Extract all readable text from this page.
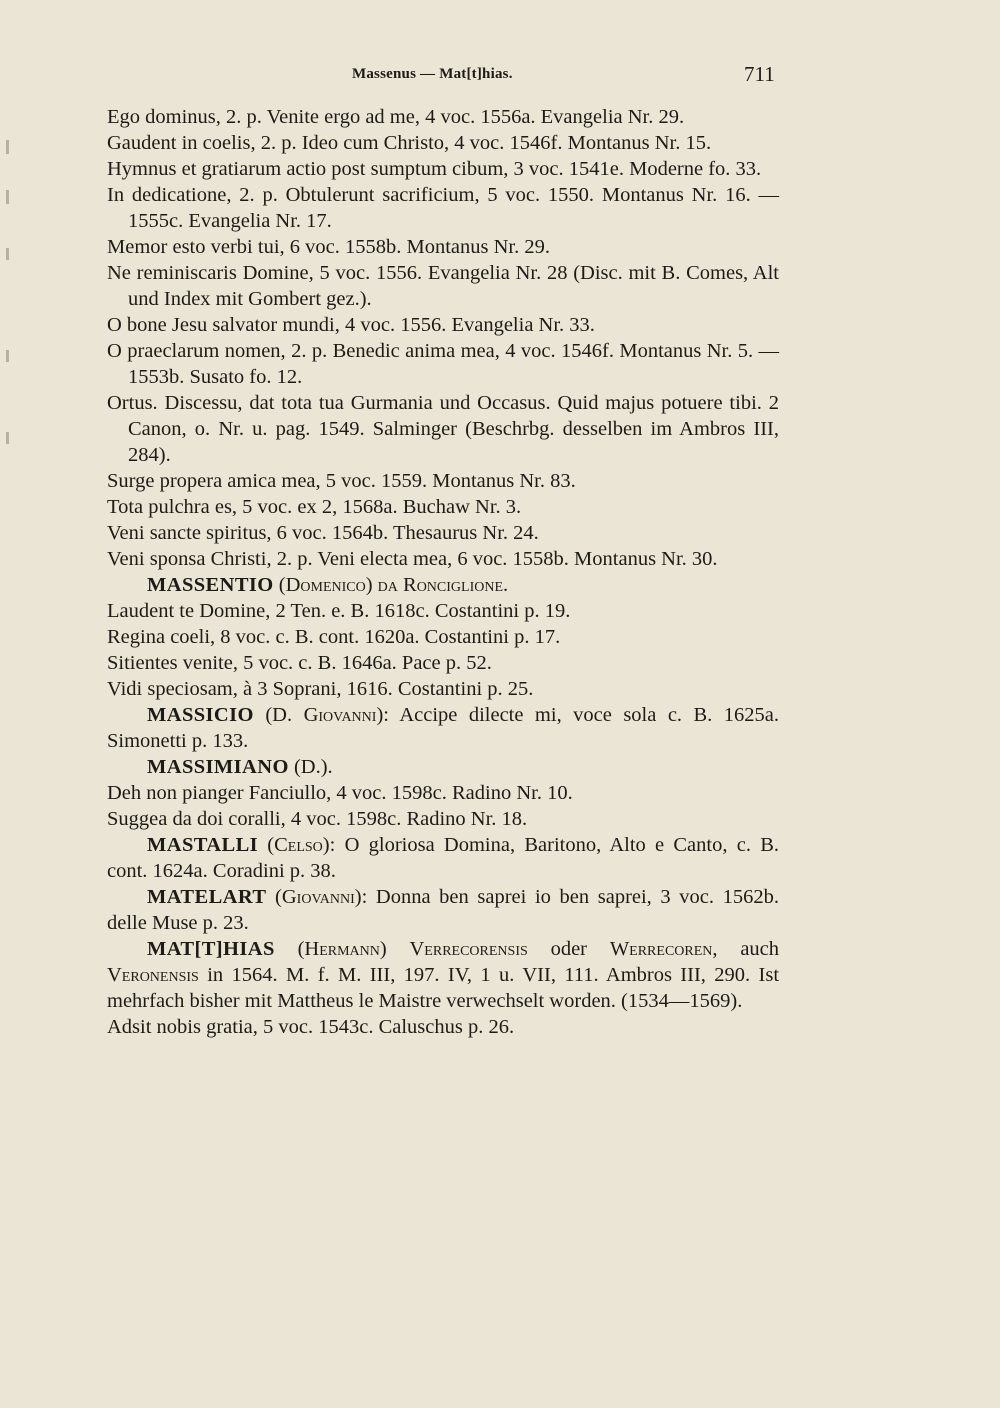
Massenus — Mat[t]hias.	711

Ego dominus, 2. p. Venite ergo ad me, 4 voc. 1556a. Evangelia Nr. 29.

Gaudent in coelis, 2. p. Ideo cum Christo, 4 voc. 1546f. Montanus Nr. 15.

Hymnus et gratiarum actio post sumptum cibum, 3 voc. 1541e. Moderne fo. 33.

In dedicatione, 2. p. Obtulerunt sacrificium, 5 voc. 1550. Montanus Nr. 16. — 1555c. Evangelia Nr. 17.

Memor esto verbi tui, 6 voc. 1558b. Montanus Nr. 29.

Ne reminiscaris Domine, 5 voc. 1556. Evangelia Nr. 28 (Disc. mit B. Comes, Alt und Index mit Gombert gez.).

O bone Jesu salvator mundi, 4 voc. 1556. Evangelia Nr. 33.

O praeclarum nomen, 2. p. Benedic anima mea, 4 voc. 1546f. Montanus Nr. 5. — 1553b. Susato fo. 12.

Ortus. Discessu, dat tota tua Gurmania und Occasus. Quid majus potuere tibi. 2 Canon, o. Nr. u. pag. 1549. Salminger (Beschrbg. desselben im Ambros III, 284).

Surge propera amica mea, 5 voc. 1559. Montanus Nr. 83.

Tota pulchra es, 5 voc. ex 2, 1568a. Buchaw Nr. 3.

Veni sancte spiritus, 6 voc. 1564b. Thesaurus Nr. 24.

Veni sponsa Christi, 2. p. Veni electa mea, 6 voc. 1558b. Montanus Nr. 30.

MASSENTIO (Domenico) da Ronciglione.

Laudent te Domine, 2 Ten. e. B. 1618c. Costantini p. 19.

Regina coeli, 8 voc. c. B. cont. 1620a. Costantini p. 17.

Sitientes venite, 5 voc. c. B. 1646a. Pace p. 52.

Vidi speciosam, à 3 Soprani, 1616. Costantini p. 25.

MASSICIO (D. Giovanni): Accipe dilecte mi, voce sola c. B. 1625a. Simonetti p. 133.

MASSIMIANO (D.).

Deh non pianger Fanciullo, 4 voc. 1598c. Radino Nr. 10.

Suggea da doi coralli, 4 voc. 1598c. Radino Nr. 18.

MASTALLI (Celso): O gloriosa Domina, Baritono, Alto e Canto, c. B. cont. 1624a. Coradini p. 38.

MATELART (Giovanni): Donna ben saprei io ben saprei, 3 voc. 1562b. delle Muse p. 23.

MAT[T]HIAS (Hermann) Verrecorensis oder Werrecoren, auch Veronensis in 1564. M. f. M. III, 197. IV, 1 u. VII, 111. Ambros III, 290. Ist mehrfach bisher mit Mattheus le Maistre verwechselt worden. (1534—1569).

Adsit nobis gratia, 5 voc. 1543c. Caluschus p. 26.
